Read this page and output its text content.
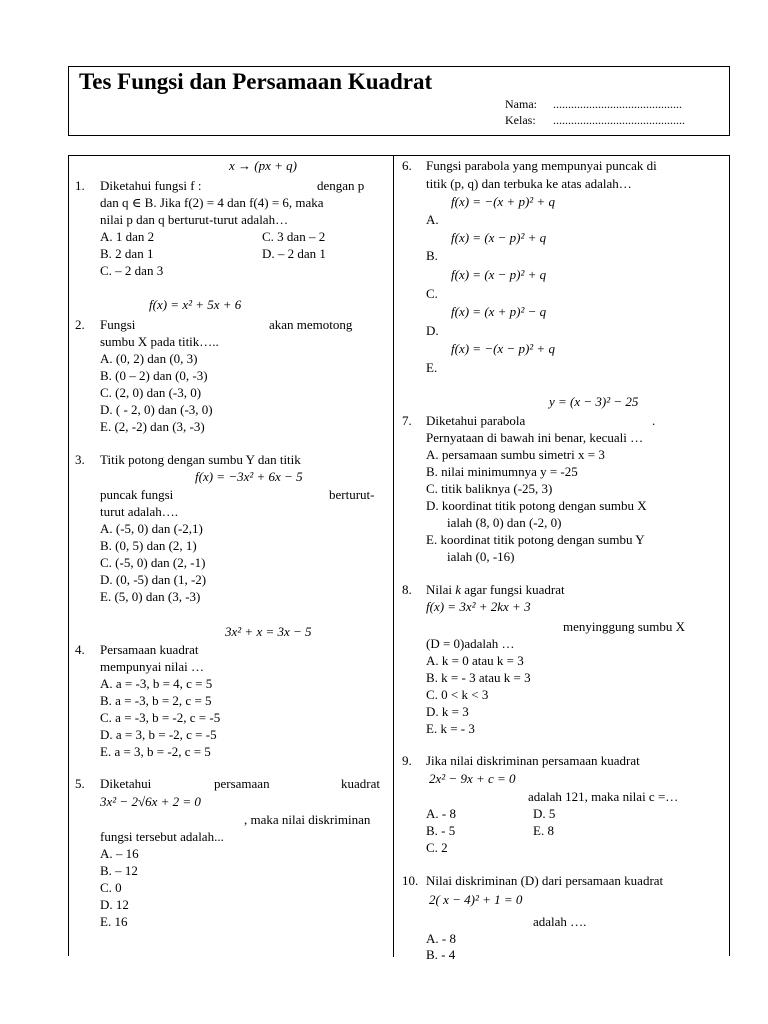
Tes Fungsi dan Persamaan Kuadrat
Nama: ...........................................
Kelas: ............................................
x → (px + q)
1. Diketahui fungsi f :	dengan p
dan q ∈ B. Jika f(2) = 4 dan f(4) = 6, maka
nilai p dan q berturut-turut adalah…
A. 1 dan 2	C. 3 dan – 2
B. 2 dan 1	D. – 2 dan 1
C. – 2 dan 3
f(x) = x² + 5x + 6
2. Fungsi	akan memotong
sumbu X pada titik…..
A. (0, 2) dan (0, 3)
B. (0 – 2) dan (0, -3)
C. (2, 0) dan (-3, 0)
D. ( - 2, 0) dan (-3, 0)
E. (2, -2) dan (3, -3)
3. Titik potong dengan sumbu Y dan titik
f(x) = −3x² + 6x − 5
puncak fungsi	berturut-
turut adalah….
A. (-5, 0) dan (-2,1)
B. (0, 5) dan (2, 1)
C. (-5, 0) dan (2, -1)
D. (0, -5) dan (1, -2)
E. (5, 0) dan (3, -3)
3x² + x = 3x − 5
4. Persamaan kuadrat
mempunyai nilai …
A. a = -3, b = 4, c = 5
B. a = -3, b = 2, c = 5
C. a = -3, b = -2, c = -5
D. a = 3, b = -2, c = -5
E. a = 3, b = -2, c = 5
5. Diketahui	persamaan	kuadrat
3x² − 2√6x + 2 = 0
, maka nilai diskriminan
fungsi tersebut adalah...
A. – 16
B. – 12
C. 0
D. 12
E. 16
6. Fungsi parabola yang mempunyai puncak di
titik (p, q) dan terbuka ke atas adalah…
f(x) = −(x + p)² + q
A.
f(x) = (x − p)² + q
B.
f(x) = (x − p)² + q
C.
f(x) = (x + p)² − q
D.
f(x) = −(x − p)² + q
E.
y = (x − 3)² − 25
7. Diketahui parabola	.
Pernyataan di bawah ini benar, kecuali …
A. persamaan sumbu simetri x = 3
B. nilai minimumnya y = -25
C. titik baliknya (-25, 3)
D. koordinat titik potong dengan sumbu X
ialah (8, 0) dan (-2, 0)
E. koordinat titik potong dengan sumbu Y
ialah (0, -16)
8. Nilai k agar fungsi kuadrat
f(x) = 3x² + 2kx + 3
menyinggung sumbu X
(D = 0)adalah …
A. k = 0 atau k = 3
B. k = - 3 atau k = 3
C. 0 < k < 3
D. k = 3
E. k = - 3
9. Jika nilai diskriminan persamaan kuadrat
2x² − 9x + c = 0
adalah 121, maka nilai c =…
A. - 8	D. 5
B. - 5	E. 8
C. 2
10. Nilai diskriminan (D) dari persamaan kuadrat
2( x − 4)² + 1 = 0
adalah ….
A. - 8
B. - 4
